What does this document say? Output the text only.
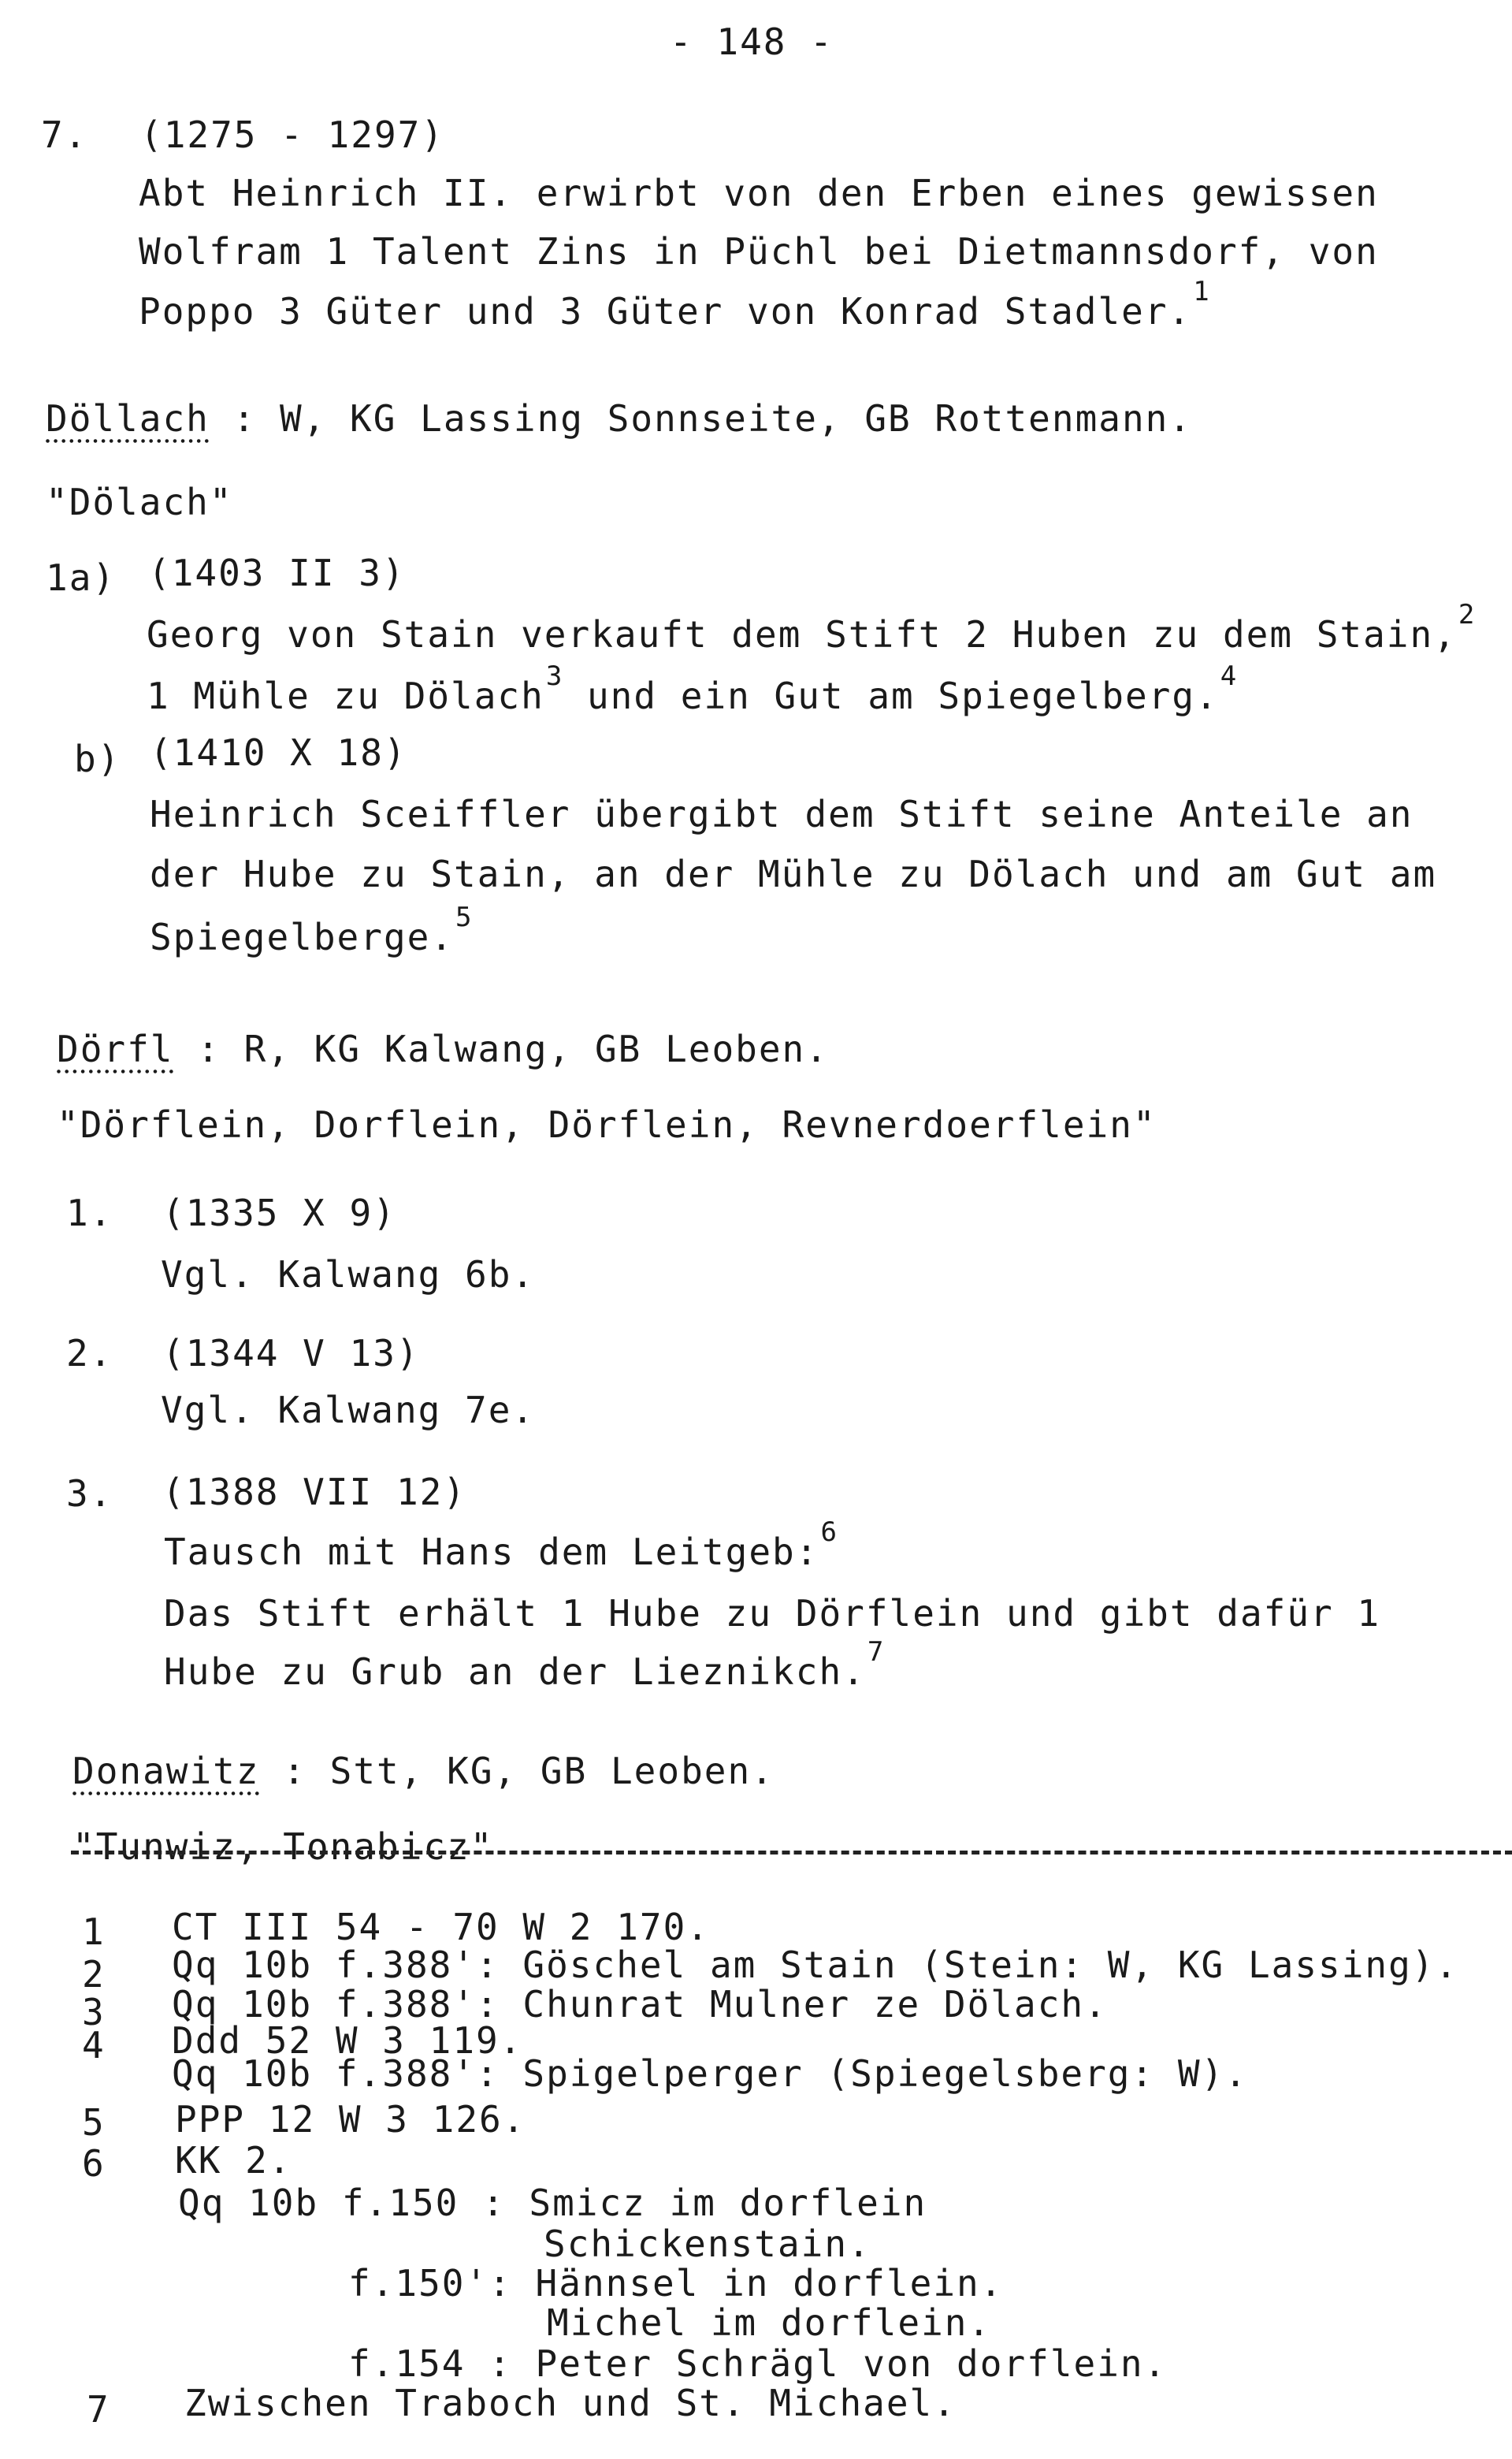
- 148 -
7. (1275 - 1297)
Abt Heinrich II. erwirbt von den Erben eines gewissen
Wolfram 1 Talent Zins in Püchl bei Dietmannsdorf, von
Poppo 3 Güter und 3 Güter von Konrad Stadler.$^1$
Döllach : W, KG Lassing Sonnseite, GB Rottenmann.
"Dölach"
1a) (1403 II 3)
Georg von Stain verkauft dem Stift 2 Huben zu dem Stain,$^2$
1 Mühle zu Dölach$^3$ und ein Gut am Spiegelberg.$^4$
b) (1410 X 18)
Heinrich Sceiffler übergibt dem Stift seine Anteile an
der Hube zu Stain, an der Mühle zu Dölach und am Gut am
Spiegelberge.$^5$
Dörfl : R, KG Kalwang, GB Leoben.
"Dörflein, Dorflein, Dörflein, Revnerdoerflein"
1. (1335 X 9)
Vgl. Kalwang 6b.
2. (1344 V 13)
Vgl. Kalwang 7e.
3. (1388 VII 12)
Tausch mit Hans dem Leitgeb:$^6$
Das Stift erhält 1 Hube zu Dörflein und gibt dafür 1
Hube zu Grub an der Lieznikch.$^7$
Donawitz : Stt, KG, GB Leoben.
"Tunwiz, Tonabicz"
1 CT III 54 - 70 W 2 170.
2 Qq 10b f.388': Göschel am Stain (Stein: W, KG Lassing).
3 Qq 10b f.388': Chunrat Mulner ze Dölach.
4 Ddd 52 W 3 119.
Qq 10b f.388': Spigelperger (Spiegelsberg: W).
5 PPP 12 W 3 126.
6 KK 2.
Qq 10b f.150 : Smicz im dorflein
Schickenstain.
f.150': Hännsel in dorflein.
Michel im dorflein.
f.154 : Peter Schrägl von dorflein.
7 Zwischen Traboch und St. Michael.
